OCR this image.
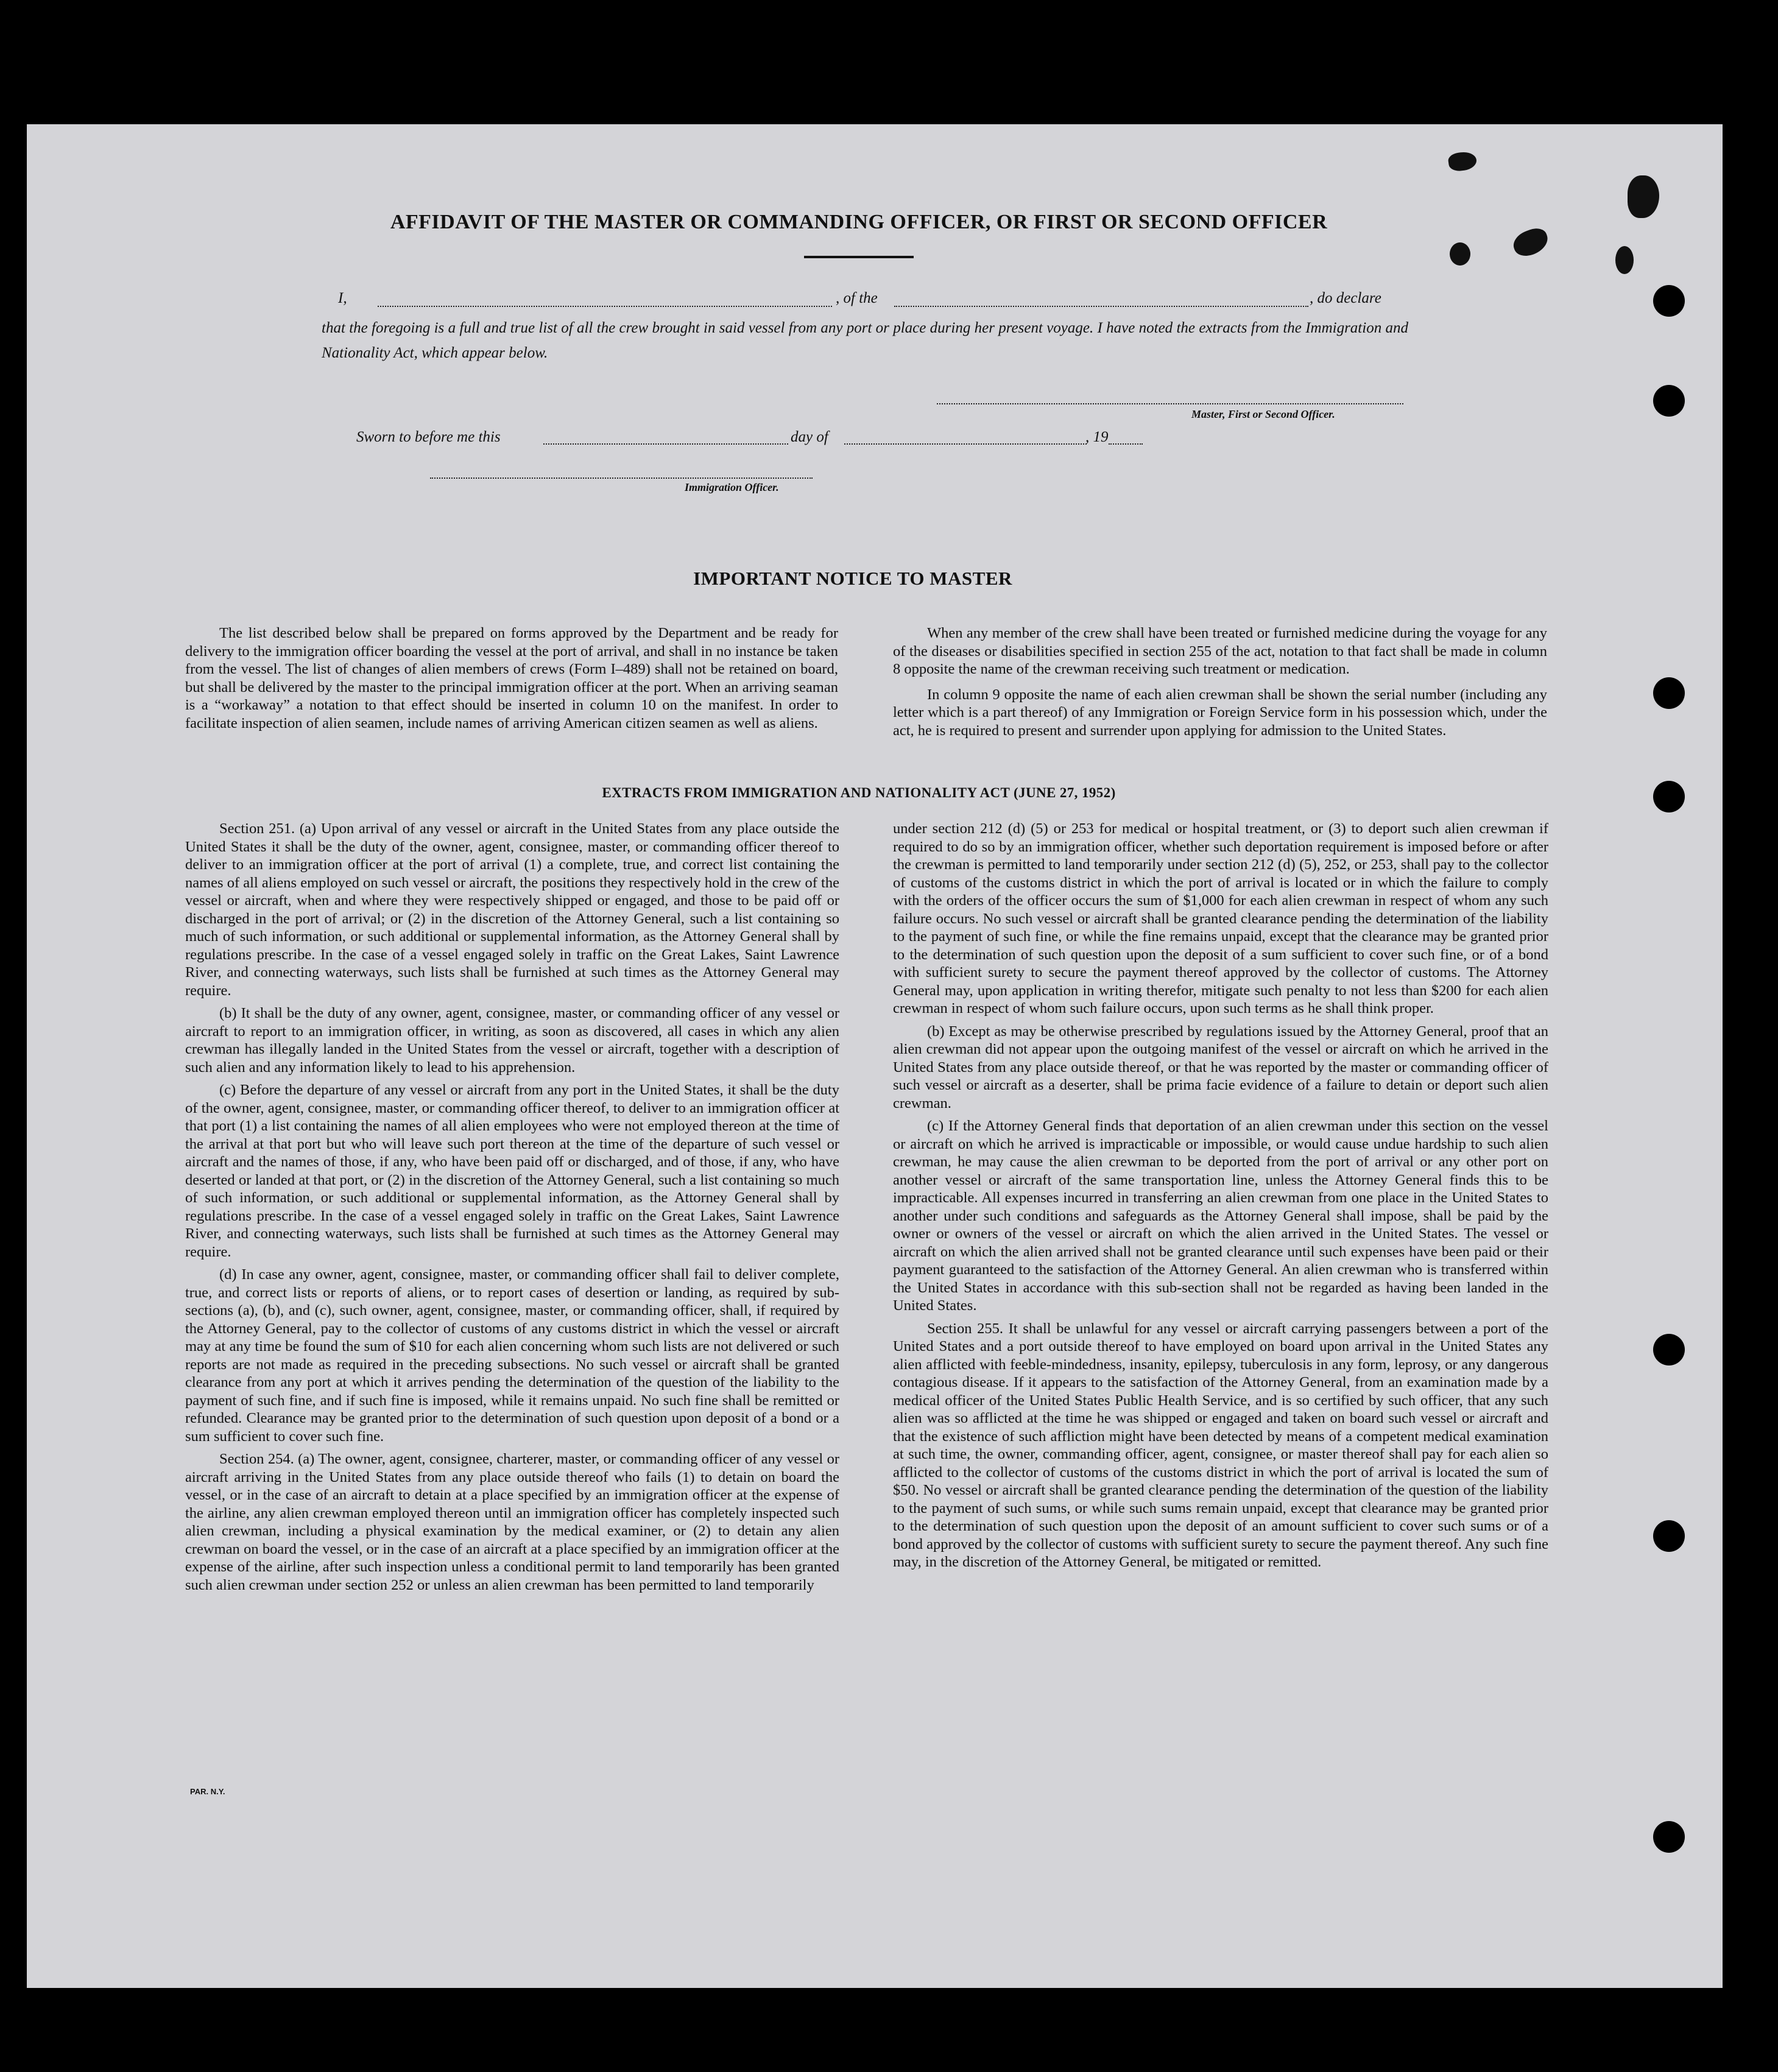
AFFIDAVIT OF THE MASTER OR COMMANDING OFFICER, OR FIRST OR SECOND OFFICER
I,	, of the	, do declare
that the foregoing is a full and true list of all the crew brought in said vessel from any port or place during her present voyage. I have noted the extracts from the Immigration and Nationality Act, which appear below.
Master, First or Second Officer.
Sworn to before me this	day of	, 19
Immigration Officer.
IMPORTANT NOTICE TO MASTER

The list described below shall be prepared on forms approved by the Department and be ready for delivery to the immigration officer boarding the vessel at the port of arrival, and shall in no instance be taken from the vessel. The list of changes of alien members of crews (Form I–489) shall not be retained on board, but shall be delivered by the master to the principal immigration officer at the port. When an arriving seaman is a “workaway” a notation to that effect should be inserted in column 10 on the manifest. In order to facilitate inspection of alien seamen, include names of arriving American citizen seamen as well as aliens.

When any member of the crew shall have been treated or furnished medicine during the voyage for any of the diseases or disabilities specified in section 255 of the act, notation to that fact shall be made in column 8 opposite the name of the crewman receiving such treatment or medication.

In column 9 opposite the name of each alien crewman shall be shown the serial number (including any letter which is a part thereof) of any Immigration or Foreign Service form in his possession which, under the act, he is required to present and surrender upon applying for admission to the United States.

EXTRACTS FROM IMMIGRATION AND NATIONALITY ACT (JUNE 27, 1952)

Section 251. (a) Upon arrival of any vessel or aircraft in the United States from any place outside the United States it shall be the duty of the owner, agent, consignee, master, or commanding officer thereof to deliver to an immigration officer at the port of arrival (1) a complete, true, and correct list containing the names of all aliens employed on such vessel or aircraft, the positions they respectively hold in the crew of the vessel or aircraft, when and where they were respectively shipped or engaged, and those to be paid off or discharged in the port of arrival; or (2) in the discretion of the Attorney General, such a list containing so much of such information, or such additional or supplemental information, as the Attorney General shall by regulations prescribe. In the case of a vessel engaged solely in traffic on the Great Lakes, Saint Lawrence River, and connecting waterways, such lists shall be furnished at such times as the Attorney General may require.

(b) It shall be the duty of any owner, agent, consignee, master, or commanding officer of any vessel or aircraft to report to an immigration officer, in writing, as soon as discovered, all cases in which any alien crewman has illegally landed in the United States from the vessel or aircraft, together with a description of such alien and any information likely to lead to his apprehension.

(c) Before the departure of any vessel or aircraft from any port in the United States, it shall be the duty of the owner, agent, consignee, master, or commanding officer thereof, to deliver to an immigration officer at that port (1) a list containing the names of all alien employees who were not employed thereon at the time of the arrival at that port but who will leave such port thereon at the time of the departure of such vessel or aircraft and the names of those, if any, who have been paid off or discharged, and of those, if any, who have deserted or landed at that port, or (2) in the discretion of the Attorney General, such a list containing so much of such information, or such additional or supplemental information, as the Attorney General shall by regulations prescribe. In the case of a vessel engaged solely in traffic on the Great Lakes, Saint Lawrence River, and connecting waterways, such lists shall be furnished at such times as the Attorney General may require.

(d) In case any owner, agent, consignee, master, or commanding officer shall fail to deliver complete, true, and correct lists or reports of aliens, or to report cases of desertion or landing, as required by sub-sections (a), (b), and (c), such owner, agent, consignee, master, or commanding officer, shall, if required by the Attorney General, pay to the collector of customs of any customs district in which the vessel or aircraft may at any time be found the sum of $10 for each alien concerning whom such lists are not delivered or such reports are not made as required in the preceding subsections. No such vessel or aircraft shall be granted clearance from any port at which it arrives pending the determination of the question of the liability to the payment of such fine, and if such fine is imposed, while it remains unpaid. No such fine shall be remitted or refunded. Clearance may be granted prior to the determination of such question upon deposit of a bond or a sum sufficient to cover such fine.

Section 254. (a) The owner, agent, consignee, charterer, master, or commanding officer of any vessel or aircraft arriving in the United States from any place outside thereof who fails (1) to detain on board the vessel, or in the case of an aircraft to detain at a place specified by an immigration officer at the expense of the airline, any alien crewman employed thereon until an immigration officer has completely inspected such alien crewman, including a physical examination by the medical examiner, or (2) to detain any alien crewman on board the vessel, or in the case of an aircraft at a place specified by an immigration officer at the expense of the airline, after such inspection unless a conditional permit to land temporarily has been granted such alien crewman under section 252 or unless an alien crewman has been permitted to land temporarily

under section 212 (d) (5) or 253 for medical or hospital treatment, or (3) to deport such alien crewman if required to do so by an immigration officer, whether such deportation requirement is imposed before or after the crewman is permitted to land temporarily under section 212 (d) (5), 252, or 253, shall pay to the collector of customs of the customs district in which the port of arrival is located or in which the failure to comply with the orders of the officer occurs the sum of $1,000 for each alien crewman in respect of whom any such failure occurs. No such vessel or aircraft shall be granted clearance pending the determination of the liability to the payment of such fine, or while the fine remains unpaid, except that the clearance may be granted prior to the determination of such question upon the deposit of a sum sufficient to cover such fine, or of a bond with sufficient surety to secure the payment thereof approved by the collector of customs. The Attorney General may, upon application in writing therefor, mitigate such penalty to not less than $200 for each alien crewman in respect of whom such failure occurs, upon such terms as he shall think proper.

(b) Except as may be otherwise prescribed by regulations issued by the Attorney General, proof that an alien crewman did not appear upon the outgoing manifest of the vessel or aircraft on which he arrived in the United States from any place outside thereof, or that he was reported by the master or commanding officer of such vessel or aircraft as a deserter, shall be prima facie evidence of a failure to detain or deport such alien crewman.

(c) If the Attorney General finds that deportation of an alien crewman under this section on the vessel or aircraft on which he arrived is impracticable or impossible, or would cause undue hardship to such alien crewman, he may cause the alien crewman to be deported from the port of arrival or any other port on another vessel or aircraft of the same transportation line, unless the Attorney General finds this to be impracticable. All expenses incurred in transferring an alien crewman from one place in the United States to another under such conditions and safeguards as the Attorney General shall impose, shall be paid by the owner or owners of the vessel or aircraft on which the alien arrived in the United States. The vessel or aircraft on which the alien arrived shall not be granted clearance until such expenses have been paid or their payment guaranteed to the satisfaction of the Attorney General. An alien crewman who is transferred within the United States in accordance with this sub-section shall not be regarded as having been landed in the United States.

Section 255. It shall be unlawful for any vessel or aircraft carrying passengers between a port of the United States and a port outside thereof to have employed on board upon arrival in the United States any alien afflicted with feeble-mindedness, insanity, epilepsy, tuberculosis in any form, leprosy, or any dangerous contagious disease. If it appears to the satisfaction of the Attorney General, from an examination made by a medical officer of the United States Public Health Service, and is so certified by such officer, that any such alien was so afflicted at the time he was shipped or engaged and taken on board such vessel or aircraft and that the existence of such affliction might have been detected by means of a competent medical examination at such time, the owner, commanding officer, agent, consignee, or master thereof shall pay for each alien so afflicted to the collector of customs of the customs district in which the port of arrival is located the sum of $50. No vessel or aircraft shall be granted clearance pending the determination of the question of the liability to the payment of such sums, or while such sums remain unpaid, except that clearance may be granted prior to the determination of such question upon the deposit of an amount sufficient to cover such sums or of a bond approved by the collector of customs with sufficient surety to secure the payment thereof. Any such fine may, in the discretion of the Attorney General, be mitigated or remitted.

PAR. N.Y.
